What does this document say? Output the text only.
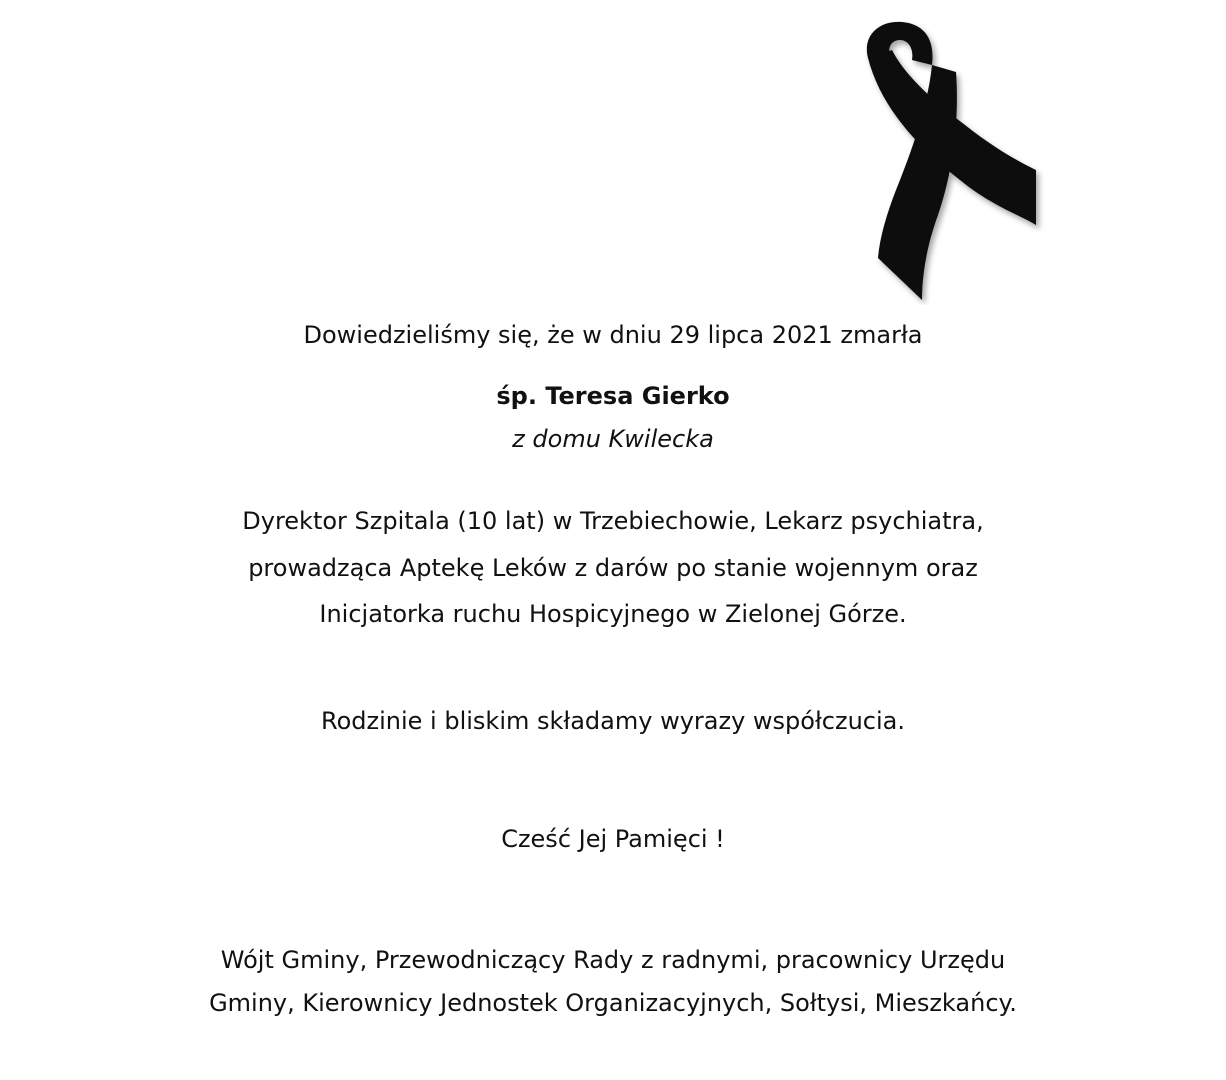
Dowiedzieliśmy się, że w dniu 29 lipca 2021 zmarła
śp. Teresa Gierko
z domu Kwilecka
Dyrektor Szpitala (10 lat) w Trzebiechowie, Lekarz psychiatra,
prowadząca Aptekę Leków z darów po stanie wojennym oraz
Inicjatorka ruchu Hospicyjnego w Zielonej Górze.
Rodzinie i bliskim składamy wyrazy współczucia.
Cześć Jej Pamięci !
Wójt Gminy, Przewodniczący Rady z radnymi, pracownicy Urzędu
Gminy, Kierownicy Jednostek Organizacyjnych, Sołtysi, Mieszkańcy.
